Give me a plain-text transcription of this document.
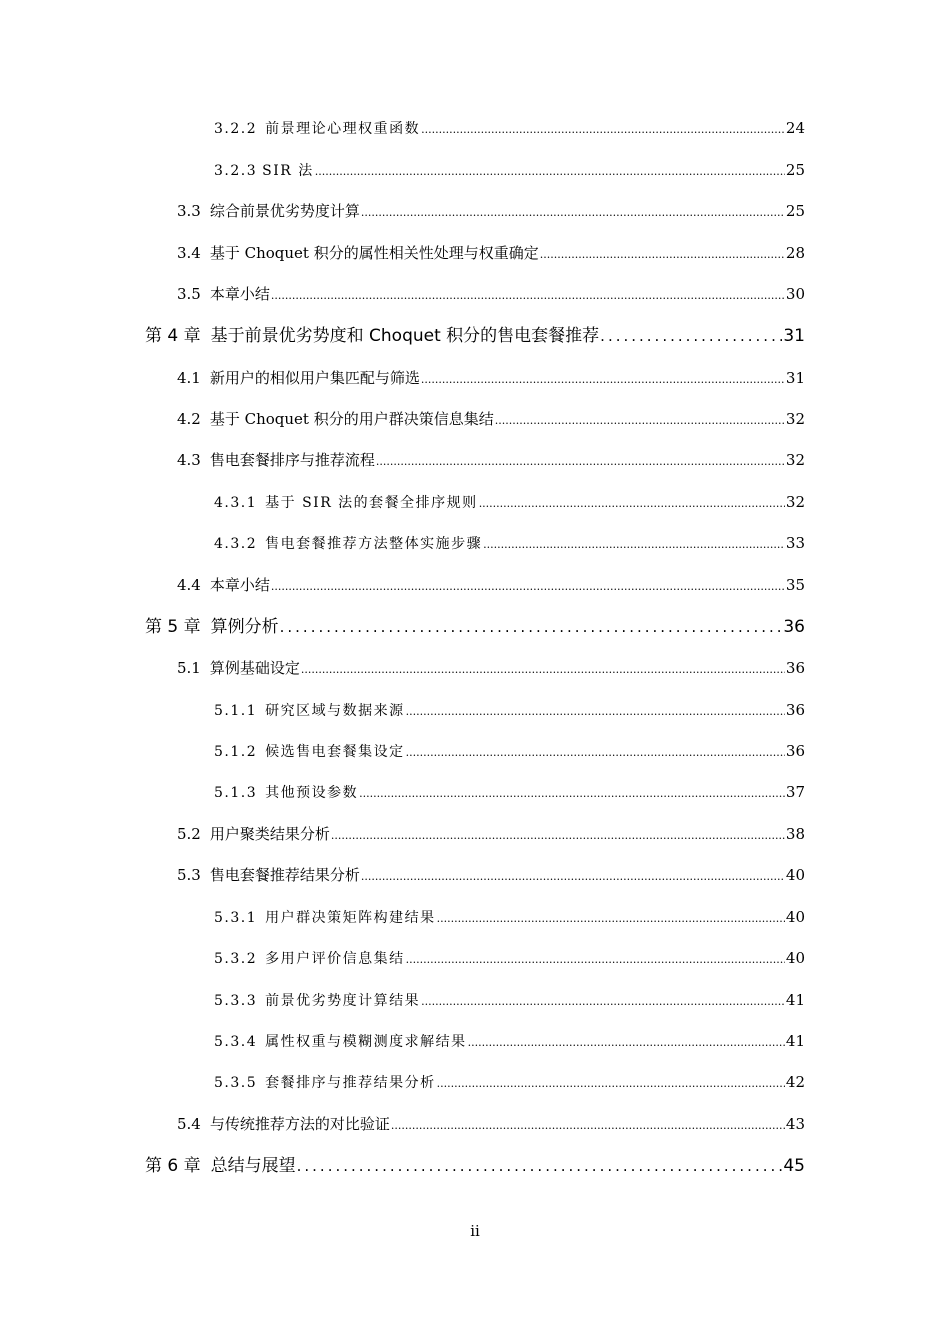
3.2.2 前景理论心理权重函数 .....	24
3.2.3 SIR 法 .....	25
3.3 综合前景优劣势度计算 .....	25
3.4 基于 Choquet 积分的属性相关性处理与权重确定 .....	28
3.5 本章小结 .....	30
第 4 章 基于前景优劣势度和 Choquet 积分的售电套餐推荐 .....	31
4.1 新用户的相似用户集匹配与筛选 .....	31
4.2 基于 Choquet 积分的用户群决策信息集结 .....	32
4.3 售电套餐排序与推荐流程 .....	32
4.3.1 基于 SIR 法的套餐全排序规则 .....	32
4.3.2 售电套餐推荐方法整体实施步骤 .....	33
4.4 本章小结 .....	35
第 5 章 算例分析 .....	36
5.1 算例基础设定 .....	36
5.1.1 研究区域与数据来源 .....	36
5.1.2 候选售电套餐集设定 .....	36
5.1.3 其他预设参数 .....	37
5.2 用户聚类结果分析 .....	38
5.3 售电套餐推荐结果分析 .....	40
5.3.1 用户群决策矩阵构建结果 .....	40
5.3.2 多用户评价信息集结 .....	40
5.3.3 前景优劣势度计算结果 .....	41
5.3.4 属性权重与模糊测度求解结果 .....	41
5.3.5 套餐排序与推荐结果分析 .....	42
5.4 与传统推荐方法的对比验证 .....	43
第 6 章 总结与展望 .....	45
ii
